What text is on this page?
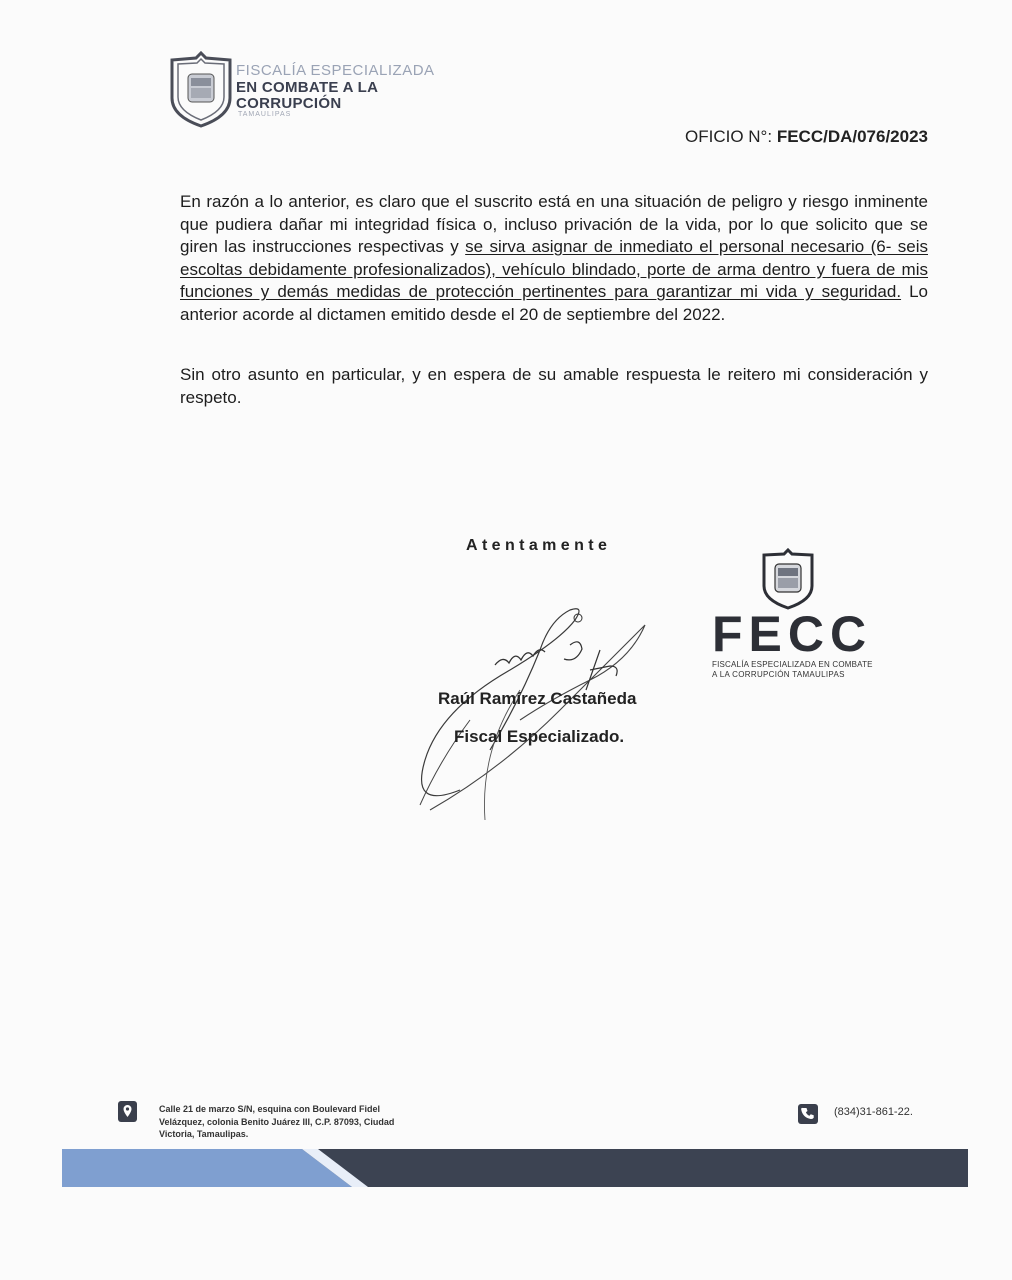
FISCALÍA ESPECIALIZADA
EN COMBATE A LA
CORRUPCIÓN
TAMAULIPAS
OFICIO N°: FECC/DA/076/2023
En razón a lo anterior, es claro que el suscrito está en una situación de peligro y riesgo inminente que pudiera dañar mi integridad física o, incluso privación de la vida, por lo que solicito que se giren las instrucciones respectivas y se sirva asignar de inmediato el personal necesario (6- seis escoltas debidamente profesionalizados), vehículo blindado, porte de arma dentro y fuera de mis funciones y demás medidas de protección pertinentes para garantizar mi vida y seguridad. Lo anterior acorde al dictamen emitido desde el 20 de septiembre del 2022.
Sin otro asunto en particular, y en espera de su amable respuesta le reitero mi consideración y respeto.
Atentamente
Raúl Ramírez Castañeda
Fiscal Especializado.
FECC
FISCALÍA ESPECIALIZADA EN COMBATE
A LA CORRUPCIÓN TAMAULIPAS
Calle 21 de marzo S/N, esquina con Boulevard Fidel
Velázquez, colonia Benito Juárez III, C.P. 87093, Ciudad
Victoria, Tamaulipas.
(834)31-861-22.
